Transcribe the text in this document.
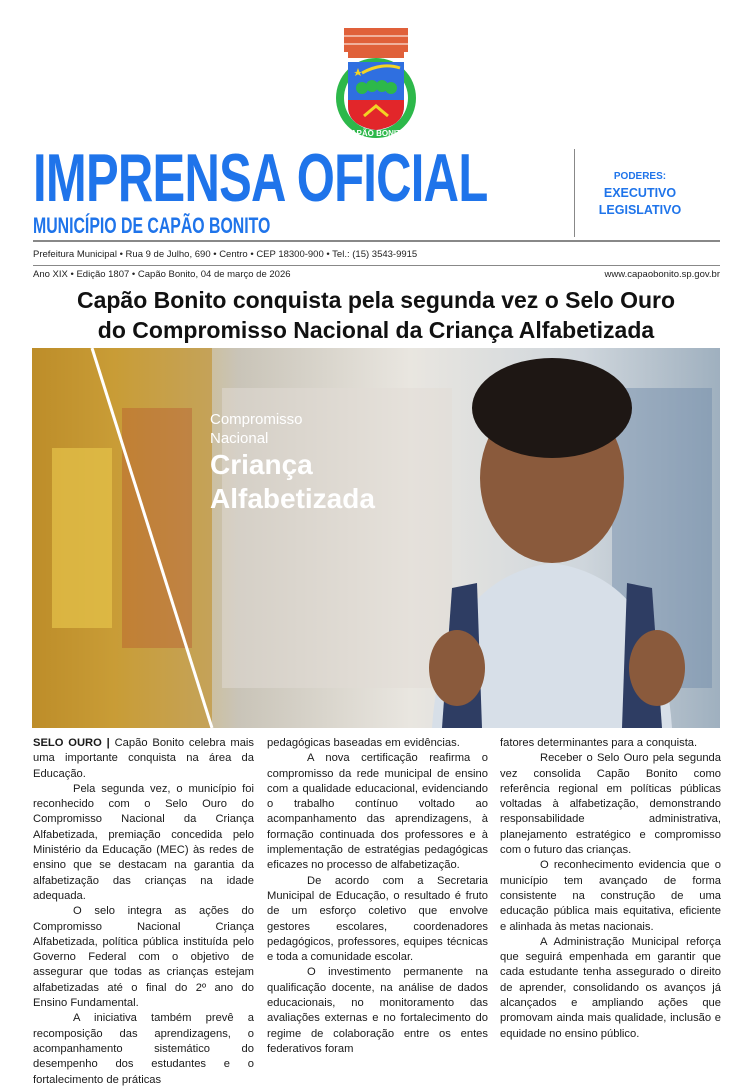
CAPÃO BONITO
IMPRENSA OFICIAL
MUNICÍPIO DE CAPÃO BONITO
PODERES:
EXECUTIVO
LEGISLATIVO
Prefeitura Municipal • Rua 9 de Julho, 690 • Centro • CEP 18300-900 • Tel.: (15) 3543-9915
Ano XIX • Edição 1807 • Capão Bonito, 04 de março de 2026	www.capaobonito.sp.gov.br
Capão Bonito conquista pela segunda vez o Selo Ouro
do Compromisso Nacional da Criança Alfabetizada
Compromisso
Nacional
Criança
Alfabetizada

SELO OURO | Capão Bonito celebra mais uma importante conquista na área da Educação.

Pela segunda vez, o município foi reconhecido com o Selo Ouro do Compromisso Nacional da Criança Alfabetizada, premiação concedida pelo Ministério da Educação (MEC) às redes de ensino que se destacam na garantia da alfabetização das crianças na idade adequada.

O selo integra as ações do Compromisso Nacional Criança Alfabetizada, política pública instituída pelo Governo Federal com o objetivo de assegurar que todas as crianças estejam alfabetizadas até o final do 2º ano do Ensino Fundamental.

A iniciativa também prevê a recomposição das aprendizagens, o acompanhamento sistemático do desempenho dos estudantes e o fortalecimento de práticas

pedagógicas baseadas em evidências.

A nova certificação reafirma o compromisso da rede municipal de ensino com a qualidade educacional, evidenciando o trabalho contínuo voltado ao acompanhamento das aprendizagens, à formação continuada dos professores e à implementação de estratégias pedagógicas eficazes no processo de alfabetização.

De acordo com a Secretaria Municipal de Educação, o resultado é fruto de um esforço coletivo que envolve gestores escolares, coordenadores pedagógicos, professores, equipes técnicas e toda a comunidade escolar.

O investimento permanente na qualificação docente, na análise de dados educacionais, no monitoramento das avaliações externas e no fortalecimento do regime de colaboração entre os entes federativos foram

fatores determinantes para a conquista.

Receber o Selo Ouro pela segunda vez consolida Capão Bonito como referência regional em políticas públicas voltadas à alfabetização, demonstrando responsabilidade administrativa, planejamento estratégico e compromisso com o futuro das crianças.

O reconhecimento evidencia que o município tem avançado de forma consistente na construção de uma educação pública mais equitativa, eficiente e alinhada às metas nacionais.

A Administração Municipal reforça que seguirá empenhada em garantir que cada estudante tenha assegurado o direito de aprender, consolidando os avanços já alcançados e ampliando ações que promovam ainda mais qualidade, inclusão e equidade no ensino público.
